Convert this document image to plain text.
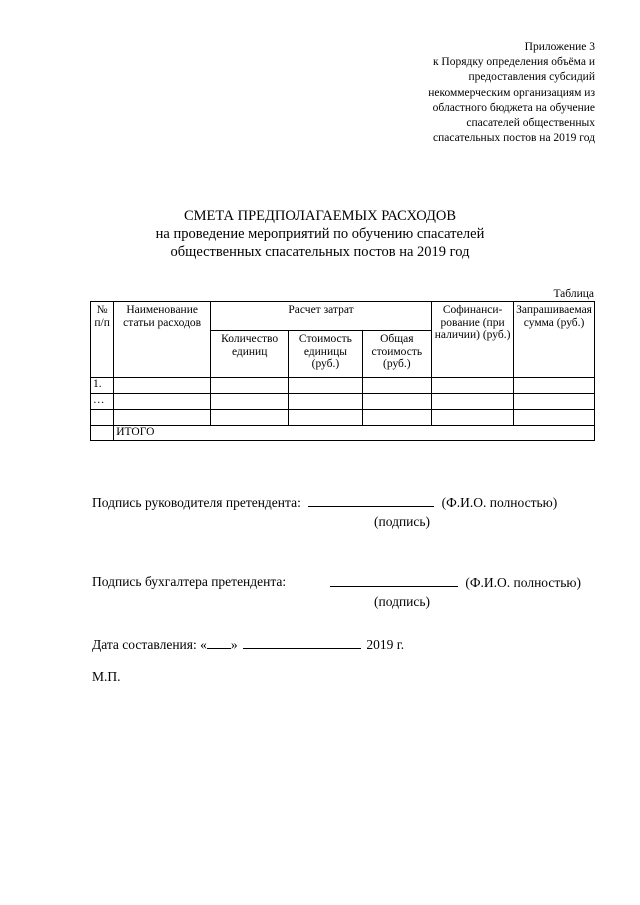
Приложение 3
к Порядку определения объёма и
предоставления субсидий
некоммерческим организациям из
областного бюджета на обучение
спасателей общественных
спасательных постов на 2019 год
СМЕТА ПРЕДПОЛАГАЕМЫХ РАСХОДОВ
на проведение мероприятий по обучению спасателей
общественных спасательных постов на 2019 год
Таблица
№ п/п	Наименование статьи расходов	Расчет затрат			Софинанси-рование (при наличии) (руб.)	Запрашиваемая сумма (руб.)
		Количество единиц	Стоимость единицы (руб.)	Общая стоимость (руб.)		
1.						
…						

	ИТОГО					
Подпись руководителя претендента:	(Ф.И.О. полностью)
(подпись)
Подпись бухгалтера претендента:	(Ф.И.О. полностью)
(подпись)
Дата составления: « »	2019 г.
М.П.
